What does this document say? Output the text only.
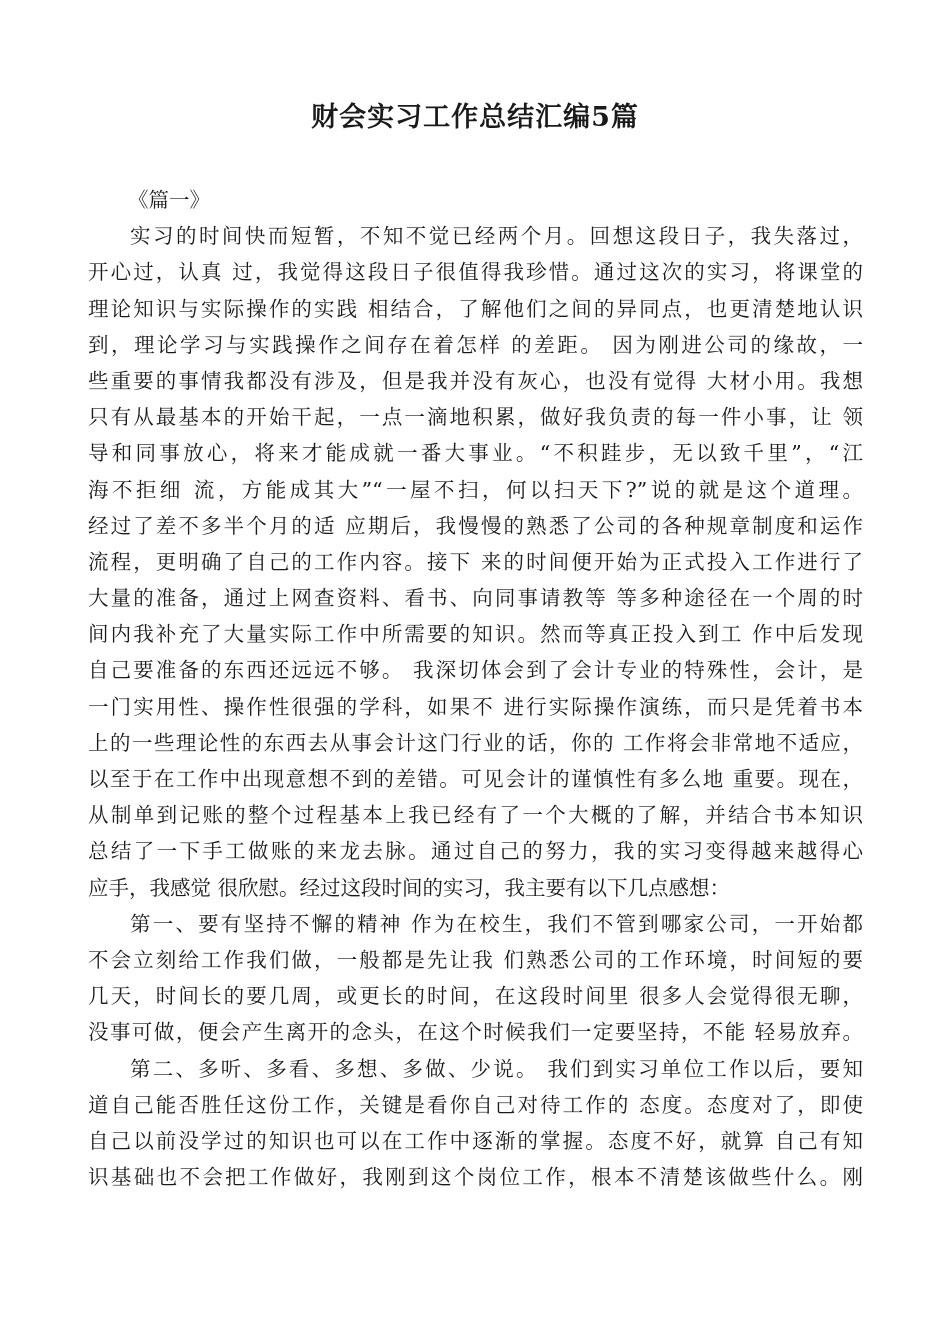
财会实习工作总结汇编5篇
《篇一》
实习的时间快而短暂，不知不觉已经两个月。回想这段日子，我失落过，
开心过，认真 过，我觉得这段日子很值得我珍惜。通过这次的实习，将课堂的
理论知识与实际操作的实践 相结合，了解他们之间的异同点，也更清楚地认识
到，理论学习与实践操作之间存在着怎样 的差距。 因为刚进公司的缘故，一
些重要的事情我都没有涉及，但是我并没有灰心，也没有觉得 大材小用。我想
只有从最基本的开始干起，一点一滴地积累，做好我负责的每一件小事，让 领
导和同事放心，将来才能成就一番大事业。“不积跬步，无以致千里”，“江
海不拒细 流，方能成其大”“一屋不扫，何以扫天下?”说的就是这个道理。
经过了差不多半个月的适 应期后，我慢慢的熟悉了公司的各种规章制度和运作
流程，更明确了自己的工作内容。接下 来的时间便开始为正式投入工作进行了
大量的准备，通过上网查资料、看书、向同事请教等 等多种途径在一个周的时
间内我补充了大量实际工作中所需要的知识。然而等真正投入到工 作中后发现
自己要准备的东西还远远不够。 我深切体会到了会计专业的特殊性，会计，是
一门实用性、操作性很强的学科，如果不 进行实际操作演练，而只是凭着书本
上的一些理论性的东西去从事会计这门行业的话，你的 工作将会非常地不适应，
以至于在工作中出现意想不到的差错。可见会计的谨慎性有多么地 重要。现在，
从制单到记账的整个过程基本上我已经有了一个大概的了解，并结合书本知识
总结了一下手工做账的来龙去脉。通过自己的努力，我的实习变得越来越得心
应手，我感觉 很欣慰。经过这段时间的实习，我主要有以下几点感想：
第一、要有坚持不懈的精神 作为在校生，我们不管到哪家公司，一开始都
不会立刻给工作我们做，一般都是先让我 们熟悉公司的工作环境，时间短的要
几天，时间长的要几周，或更长的时间，在这段时间里 很多人会觉得很无聊，
没事可做，便会产生离开的念头，在这个时候我们一定要坚持，不能 轻易放弃。
第二、多听、多看、多想、多做、少说。 我们到实习单位工作以后，要知
道自己能否胜任这份工作，关键是看你自己对待工作的 态度。态度对了，即使
自己以前没学过的知识也可以在工作中逐渐的掌握。态度不好，就算 自己有知
识基础也不会把工作做好，我刚到这个岗位工作，根本不清楚该做些什么。刚
